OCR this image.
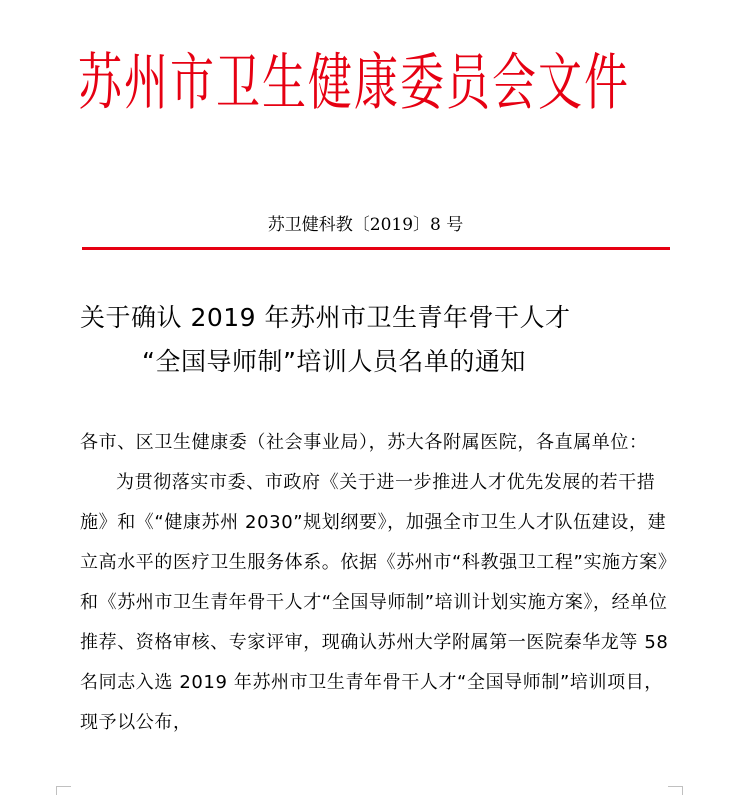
苏州市卫生健康委员会文件
苏卫健科教〔2019〕8 号
关于确认 2019 年苏州市卫生青年骨干人才
“全国导师制”培训人员名单的通知

各市、区卫生健康委（社会事业局），苏大各附属医院，各直属单位：

为贯彻落实市委、市政府《关于进一步推进人才优先发展的若干措施》和《“健康苏州 2030”规划纲要》，加强全市卫生人才队伍建设，建立高水平的医疗卫生服务体系。依据《苏州市“科教强卫工程”实施方案》和《苏州市卫生青年骨干人才“全国导师制”培训计划实施方案》，经单位推荐、资格审核、专家评审，现确认苏州大学附属第一医院秦华龙等 58 名同志入选 2019 年苏州市卫生青年骨干人才“全国导师制”培训项目，现予以公布，
